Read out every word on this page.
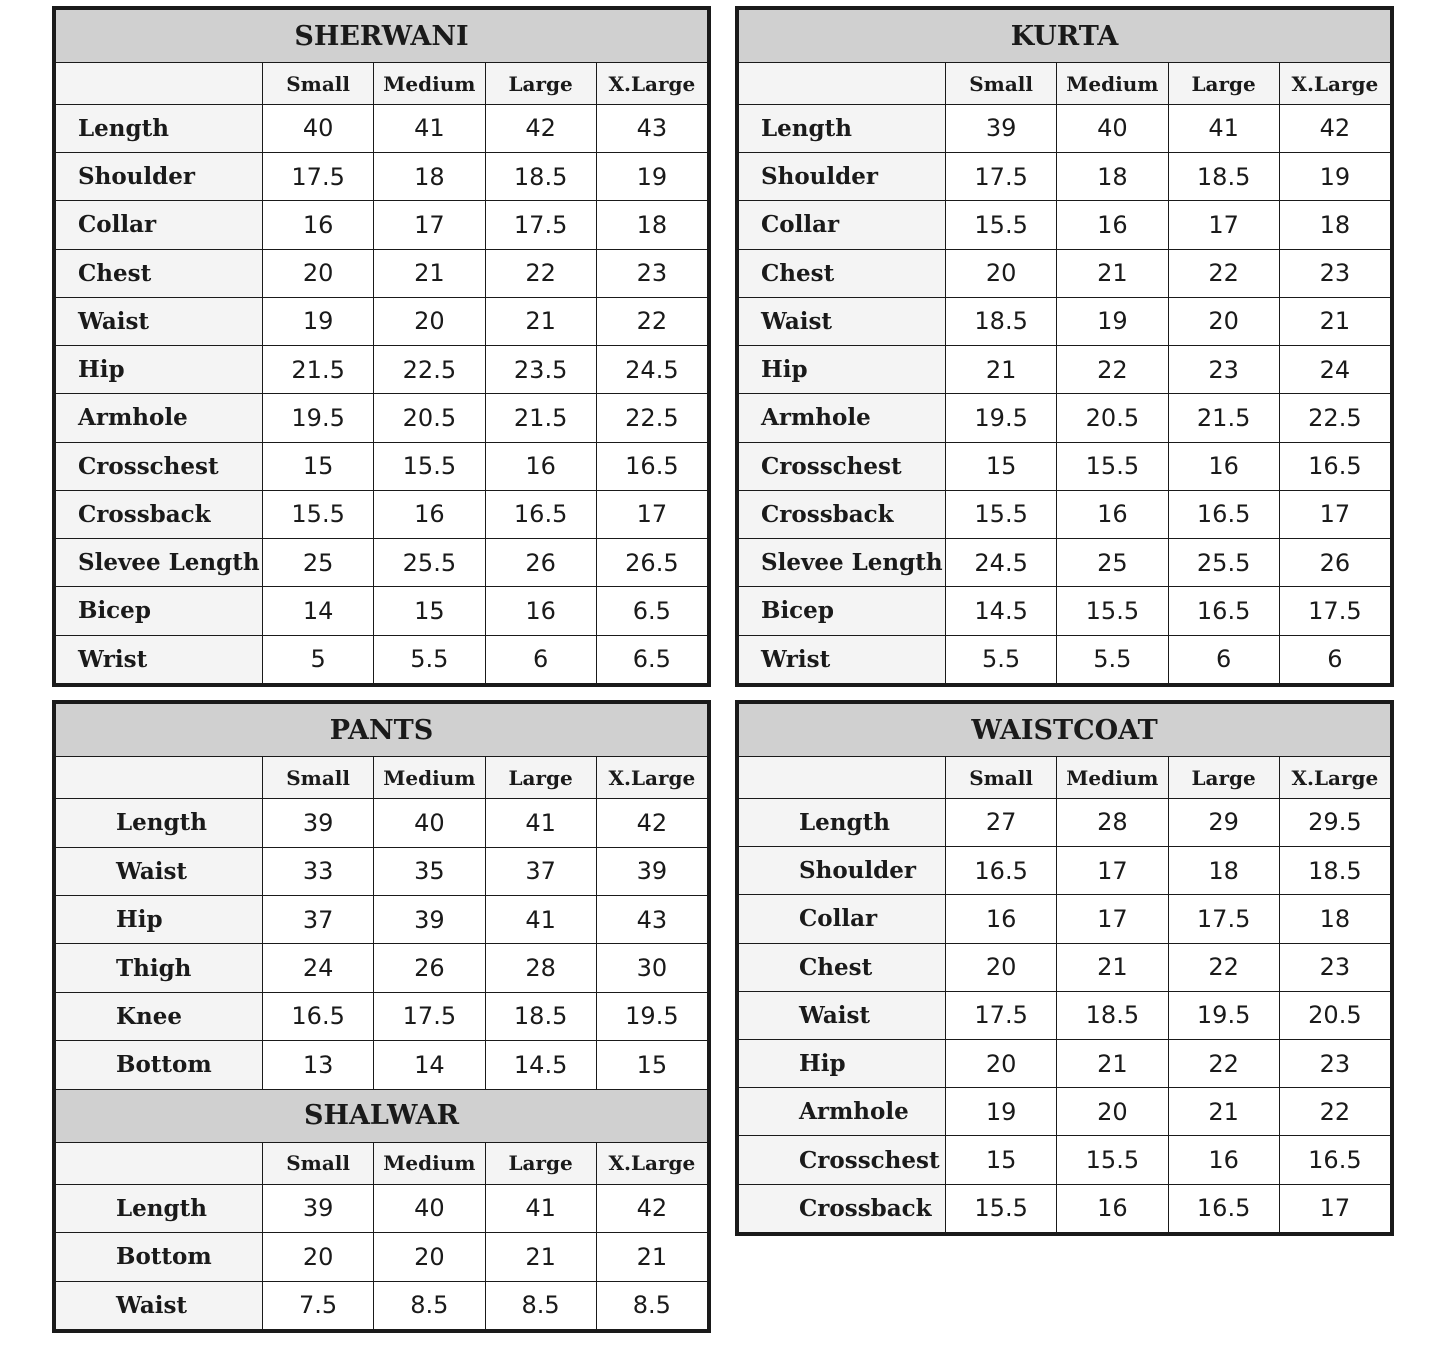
SHERWANI				
	Small	Medium	Large	X.Large
Length	40	41	42	43
Shoulder	17.5	18	18.5	19
Collar	16	17	17.5	18
Chest	20	21	22	23
Waist	19	20	21	22
Hip	21.5	22.5	23.5	24.5
Armhole	19.5	20.5	21.5	22.5
Crosschest	15	15.5	16	16.5
Crossback	15.5	16	16.5	17
Slevee Length	25	25.5	26	26.5
Bicep	14	15	16	6.5
Wrist	5	5.5	6	6.5
KURTA				
	Small	Medium	Large	X.Large
Length	39	40	41	42
Shoulder	17.5	18	18.5	19
Collar	15.5	16	17	18
Chest	20	21	22	23
Waist	18.5	19	20	21
Hip	21	22	23	24
Armhole	19.5	20.5	21.5	22.5
Crosschest	15	15.5	16	16.5
Crossback	15.5	16	16.5	17
Slevee Length	24.5	25	25.5	26
Bicep	14.5	15.5	16.5	17.5
Wrist	5.5	5.5	6	6
PANTS				
	Small	Medium	Large	X.Large
Length	39	40	41	42
Waist	33	35	37	39
Hip	37	39	41	43
Thigh	24	26	28	30
Knee	16.5	17.5	18.5	19.5
Bottom	13	14	14.5	15
SHALWAR				
	Small	Medium	Large	X.Large
Length	39	40	41	42
Bottom	20	20	21	21
Waist	7.5	8.5	8.5	8.5
WAISTCOAT				
	Small	Medium	Large	X.Large
Length	27	28	29	29.5
Shoulder	16.5	17	18	18.5
Collar	16	17	17.5	18
Chest	20	21	22	23
Waist	17.5	18.5	19.5	20.5
Hip	20	21	22	23
Armhole	19	20	21	22
Crosschest	15	15.5	16	16.5
Crossback	15.5	16	16.5	17
